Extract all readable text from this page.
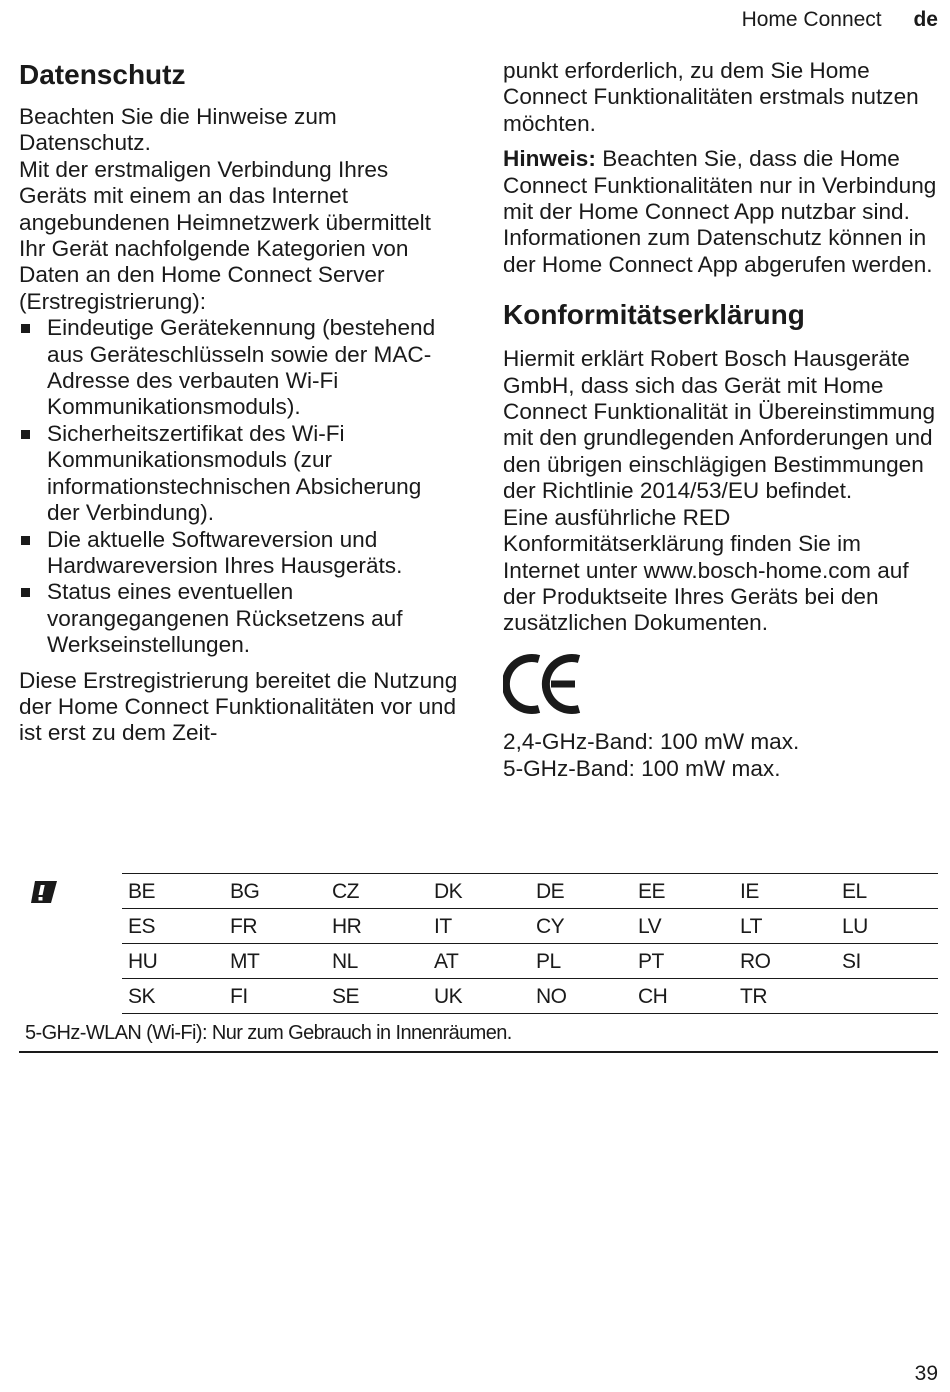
Home Connect de
Datenschutz

Beachten Sie die Hinweise zum Datenschutz.

Mit der erstmaligen Verbindung Ihres Geräts mit einem an das Internet angebundenen Heimnetzwerk übermittelt Ihr Gerät nachfolgende Kategorien von Daten an den Home Connect Server (Erstregistrierung):

Eindeutige Gerätekennung (bestehend aus Geräteschlüsseln sowie der MAC-Adresse des verbauten Wi-Fi Kommunikationsmoduls).
Sicherheitszertifikat des Wi-Fi Kommunikationsmoduls (zur informationstechnischen Absicherung der Verbindung).
Die aktuelle Softwareversion und Hardwareversion Ihres Hausgeräts.
Status eines eventuellen vorangegangenen Rücksetzens auf Werkseinstellungen.

Diese Erstregistrierung bereitet die Nutzung der Home Connect Funktionalitäten vor und ist erst zu dem Zeit-

punkt erforderlich, zu dem Sie Home Connect Funktionalitäten erstmals nutzen möchten.

Hinweis: Beachten Sie, dass die Home Connect Funktionalitäten nur in Verbindung mit der Home Connect App nutzbar sind. Informationen zum Datenschutz können in der Home Connect App abgerufen werden.

Konformitätserklärung

Hiermit erklärt Robert Bosch Hausgeräte GmbH, dass sich das Gerät mit Home Connect Funktionalität in Übereinstimmung mit den grundlegenden Anforderungen und den übrigen einschlägigen Bestimmungen der Richtlinie 2014/53/EU befindet.

Eine ausführliche RED Konformitätserklärung finden Sie im Internet unter www.bosch-home.com auf der Produktseite Ihres Geräts bei den zusätzlichen Dokumenten.

2,4-GHz-Band: 100 mW max.

5-GHz-Band: 100 mW max.

BE	BG	CZ	DK	DE	EE	IE	EL
ES	FR	HR	IT	CY	LV	LT	LU
HU	MT	NL	AT	PL	PT	RO	SI
SK	FI	SE	UK	NO	CH	TR
5-GHz-WLAN (Wi-Fi): Nur zum Gebrauch in Innenräumen.
39
